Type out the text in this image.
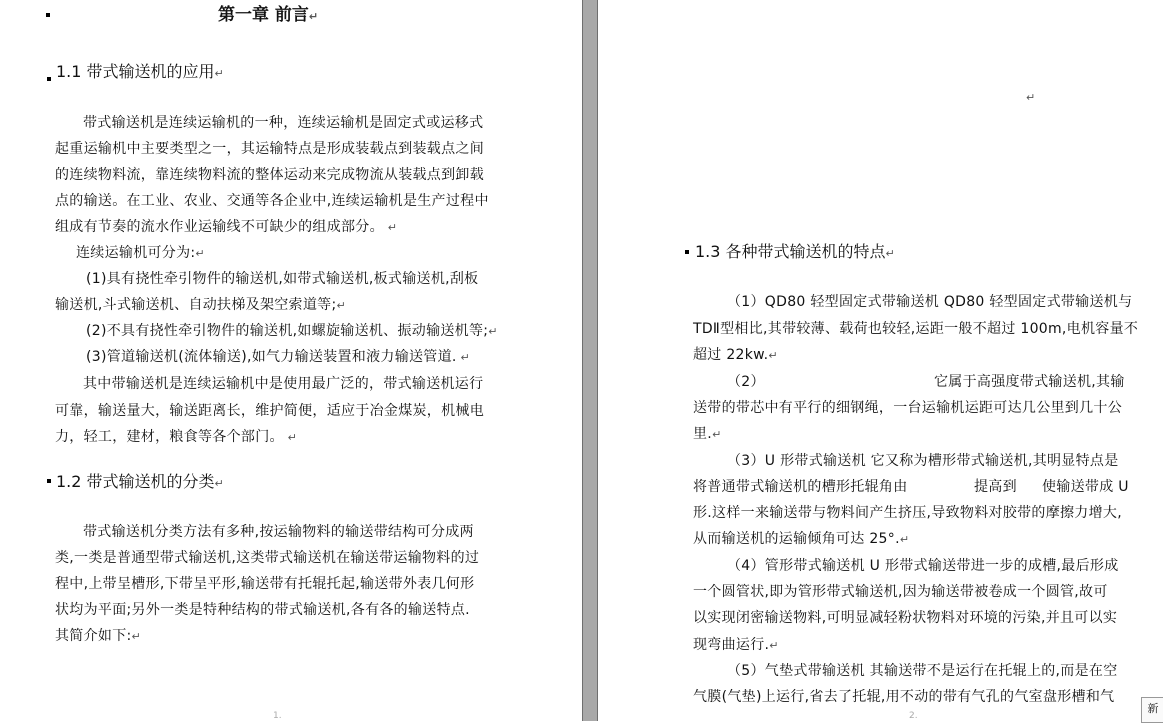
第一章 前言↵
1.1 带式输送机的应用↵
带式输送机是连续运输机的一种，连续运输机是固定式或运移式
起重运输机中主要类型之一，其运输特点是形成装载点到装载点之间
的连续物料流，靠连续物料流的整体运动来完成物流从装载点到卸载
点的输送。在工业、农业、交通等各企业中,连续运输机是生产过程中
组成有节奏的流水作业运输线不可缺少的组成部分。 ↵
连续运输机可分为:↵
(1)具有挠性牵引物件的输送机,如带式输送机,板式输送机,刮板
输送机,斗式输送机、自动扶梯及架空索道等;↵
(2)不具有挠性牵引物件的输送机,如螺旋输送机、振动输送机等;↵
(3)管道输送机(流体输送),如气力输送装置和液力输送管道. ↵
其中带输送机是连续运输机中是使用最广泛的，带式输送机运行
可靠，输送量大，输送距离长，维护简便，适应于冶金煤炭，机械电
力，轻工，建材，粮食等各个部门。 ↵
1.2 带式输送机的分类↵
带式输送机分类方法有多种,按运输物料的输送带结构可分成两
类,一类是普通型带式输送机,这类带式输送机在输送带运输物料的过
程中,上带呈槽形,下带呈平形,输送带有托辊托起,输送带外表几何形
状均为平面;另外一类是特种结构的带式输送机,各有各的输送特点.
其简介如下:↵
1.
↵
1.3 各种带式输送机的特点↵
（1）QD80 轻型固定式带输送机 QD80 轻型固定式带输送机与
TDⅡ型相比,其带较薄、载荷也较轻,运距一般不超过 100m,电机容量不
超过 22kw.↵
（2）	它属于高强度带式输送机,其输
送带的带芯中有平行的细钢绳，一台运输机运距可达几公里到几十公
里.↵
（3）U 形带式输送机 它又称为槽形带式输送机,其明显特点是
将普通带式输送机的槽形托辊角由	提高到 使输送带成 U
形.这样一来输送带与物料间产生挤压,导致物料对胶带的摩擦力增大,
从而输送机的运输倾角可达 25°.↵
（4）管形带式输送机 U 形带式输送带进一步的成槽,最后形成
一个圆管状,即为管形带式输送机,因为输送带被卷成一个圆管,故可
以实现闭密输送物料,可明显减轻粉状物料对环境的污染,并且可以实
现弯曲运行.↵
（5）气垫式带输送机 其输送带不是运行在托辊上的,而是在空
气膜(气垫)上运行,省去了托辊,用不动的带有气孔的气室盘形槽和气
2.
新
